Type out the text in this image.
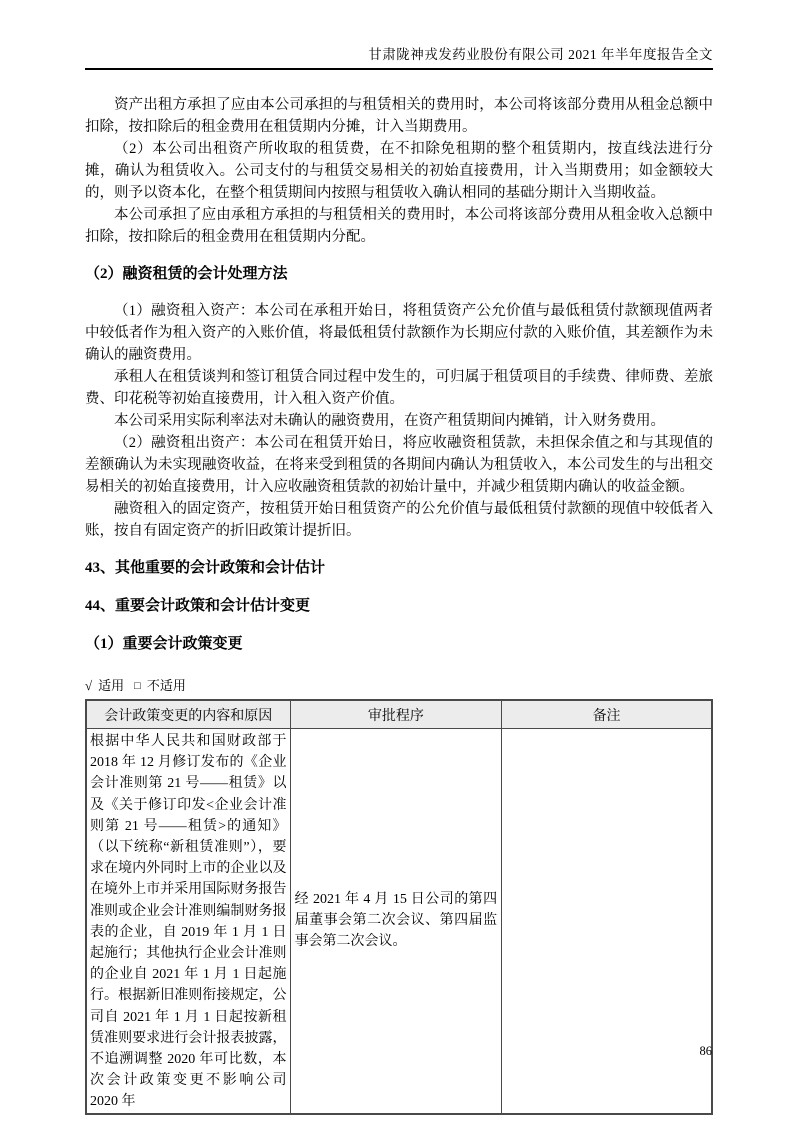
甘肃陇神戎发药业股份有限公司 2021 年半年度报告全文

资产出租方承担了应由本公司承担的与租赁相关的费用时，本公司将该部分费用从租金总额中扣除，按扣除后的租金费用在租赁期内分摊，计入当期费用。

（2）本公司出租资产所收取的租赁费，在不扣除免租期的整个租赁期内，按直线法进行分摊，确认为租赁收入。公司支付的与租赁交易相关的初始直接费用，计入当期费用；如金额较大的，则予以资本化，在整个租赁期间内按照与租赁收入确认相同的基础分期计入当期收益。

本公司承担了应由承租方承担的与租赁相关的费用时，本公司将该部分费用从租金收入总额中扣除，按扣除后的租金费用在租赁期内分配。

（2）融资租赁的会计处理方法

（1）融资租入资产：本公司在承租开始日，将租赁资产公允价值与最低租赁付款额现值两者中较低者作为租入资产的入账价值，将最低租赁付款额作为长期应付款的入账价值，其差额作为未确认的融资费用。

承租人在租赁谈判和签订租赁合同过程中发生的，可归属于租赁项目的手续费、律师费、差旅费、印花税等初始直接费用，计入租入资产价值。

本公司采用实际利率法对未确认的融资费用，在资产租赁期间内摊销，计入财务费用。

（2）融资租出资产：本公司在租赁开始日，将应收融资租赁款，未担保余值之和与其现值的差额确认为未实现融资收益，在将来受到租赁的各期间内确认为租赁收入，本公司发生的与出租交易相关的初始直接费用，计入应收融资租赁款的初始计量中，并减少租赁期内确认的收益金额。

融资租入的固定资产，按租赁开始日租赁资产的公允价值与最低租赁付款额的现值中较低者入账，按自有固定资产的折旧政策计提折旧。

43、其他重要的会计政策和会计估计
44、重要会计政策和会计估计变更
（1）重要会计政策变更
√ 适用 □ 不适用
会计政策变更的内容和原因	审批程序	备注
根据中华人民共和国财政部于 2018 年 12 月修订发布的《企业会计准则第 21 号——租赁》以及《关于修订印发<企业会计准则第 21 号——租赁>的通知》（以下统称“新租赁准则”），要求在境内外同时上市的企业以及在境外上市并采用国际财务报告准则或企业会计准则编制财务报表的企业，自 2019 年 1 月 1 日起施行；其他执行企业会计准则的企业自 2021 年 1 月 1 日起施行。根据新旧准则衔接规定，公司自 2021 年 1 月 1 日起按新租赁准则要求进行会计报表披露，不追溯调整 2020 年可比数，本次会计政策变更不影响公司 2020 年	经 2021 年 4 月 15 日公司的第四届董事会第二次会议、第四届监事会第二次会议。	
86
